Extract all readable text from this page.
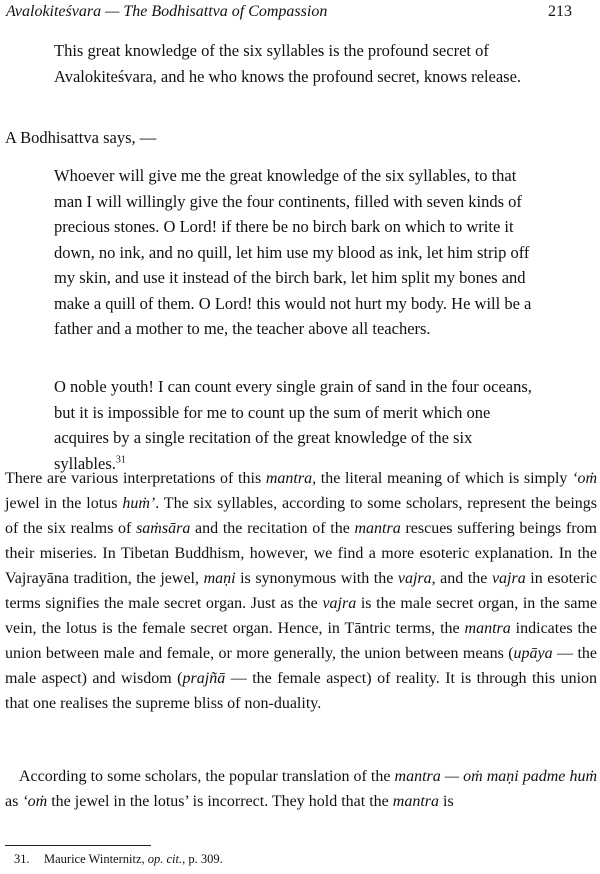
Avalokiteśvara — The Bodhisattva of Compassion	213

This great knowledge of the six syllables is the profound secret of Avalokiteśvara, and he who knows the profound secret, knows release.

A Bodhisattva says, —

Whoever will give me the great knowledge of the six syllables, to that man I will willingly give the four continents, filled with seven kinds of precious stones. O Lord! if there be no birch bark on which to write it down, no ink, and no quill, let him use my blood as ink, let him strip off my skin, and use it instead of the birch bark, let him split my bones and make a quill of them. O Lord! this would not hurt my body. He will be a father and a mother to me, the teacher above all teachers.

O noble youth! I can count every single grain of sand in the four oceans, but it is impossible for me to count up the sum of merit which one acquires by a single recitation of the great knowledge of the six syllables.$^{31}$

There are various interpretations of this mantra, the literal meaning of which is simply ‘oṁ jewel in the lotus huṁ’. The six syllables, according to some scholars, represent the beings of the six realms of saṁsāra and the recitation of the mantra rescues suffering beings from their miseries. In Tibetan Buddhism, however, we find a more esoteric explanation. In the Vajrayāna tradition, the jewel, maṇi is synonymous with the vajra, and the vajra in esoteric terms signifies the male secret organ. Just as the vajra is the male secret organ, in the same vein, the lotus is the female secret organ. Hence, in Tāntric terms, the mantra indicates the union between male and female, or more generally, the union between means (upāya — the male aspect) and wisdom (prajñā — the female aspect) of reality. It is through this union that one realises the supreme bliss of non-duality.

According to some scholars, the popular translation of the mantra — oṁ maṇi padme huṁ as ‘oṁ the jewel in the lotus’ is incorrect. They hold that the mantra is

31. Maurice Winternitz, op. cit., p. 309.
